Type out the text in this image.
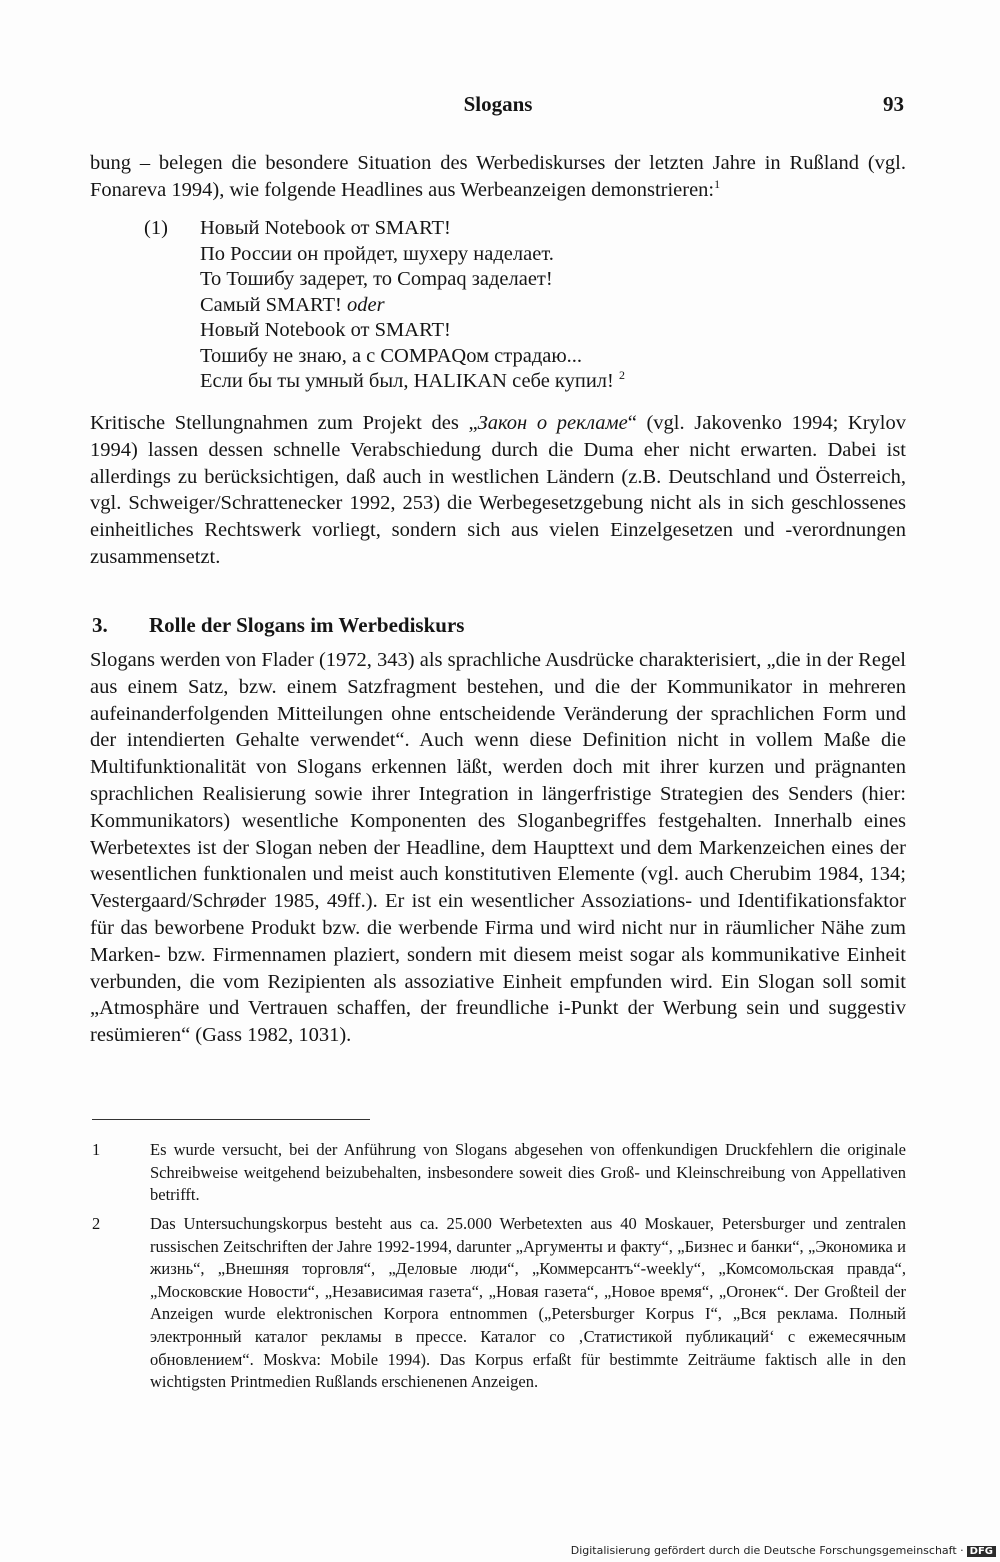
Slogans	93

bung – belegen die besondere Situation des Werbediskurses der letzten Jahre in Rußland (vgl. Fonareva 1994), wie folgende Headlines aus Werbeanzeigen demonstrieren:$^1$

(1) Новый Notebook от SMART!
По России он пройдет, шухеру наделает.
То Тошибу задерет, то Compaq заделает!
Самый SMART! oder
Новый Notebook от SMART!
Тошибу не знаю, а с COMPAQом страдаю...
Если бы ты умный был, HALIKAN себе купил! $^2$

Kritische Stellungnahmen zum Projekt des „Закон о рекламе“ (vgl. Jakovenko 1994; Krylov 1994) lassen dessen schnelle Verabschiedung durch die Duma eher nicht erwarten. Dabei ist allerdings zu berücksichtigen, daß auch in westlichen Ländern (z.B. Deutschland und Österreich, vgl. Schweiger/Schrattenecker 1992, 253) die Werbegesetzgebung nicht als in sich geschlossenes einheitliches Rechtswerk vorliegt, sondern sich aus vielen Einzelgesetzen und -verordnungen zusammensetzt.

3. Rolle der Slogans im Werbediskurs

Slogans werden von Flader (1972, 343) als sprachliche Ausdrücke charakterisiert, „die in der Regel aus einem Satz, bzw. einem Satzfragment bestehen, und die der Kommunikator in mehreren aufeinanderfolgenden Mitteilungen ohne entscheidende Veränderung der sprachlichen Form und der intendierten Gehalte verwendet“. Auch wenn diese Definition nicht in vollem Maße die Multifunktionalität von Slogans erkennen läßt, werden doch mit ihrer kurzen und prägnanten sprachlichen Realisierung sowie ihrer Integration in längerfristige Strategien des Senders (hier: Kommunikators) wesentliche Komponenten des Sloganbegriffes festgehalten. Innerhalb eines Werbetextes ist der Slogan neben der Headline, dem Haupttext und dem Markenzeichen eines der wesentlichen funktionalen und meist auch konstitutiven Elemente (vgl. auch Cherubim 1984, 134; Vestergaard/Schrøder 1985, 49ff.). Er ist ein wesentlicher Assoziations- und Identifikationsfaktor für das beworbene Produkt bzw. die werbende Firma und wird nicht nur in räumlicher Nähe zum Marken- bzw. Firmennamen plaziert, sondern mit diesem meist sogar als kommunikative Einheit verbunden, die vom Rezipienten als assoziative Einheit empfunden wird. Ein Slogan soll somit „Atmosphäre und Vertrauen schaffen, der freundliche i-Punkt der Werbung sein und suggestiv resümieren“ (Gass 1982, 1031).

1	Es wurde versucht, bei der Anführung von Slogans abgesehen von offenkundigen Druckfehlern die originale Schreibweise weitgehend beizubehalten, insbesondere soweit dies Groß- und Kleinschreibung von Appellativen betrifft.
2	Das Untersuchungskorpus besteht aus ca. 25.000 Werbetexten aus 40 Moskauer, Petersburger und zentralen russischen Zeitschriften der Jahre 1992-1994, darunter „Аргументы и факту“, „Бизнес и банки“, „Экономика и жизнь“, „Внешняя торговля“, „Деловые люди“, „Коммерсантъ“-weekly“, „Комсомольская правда“, „Московские Новости“, „Независимая газета“, „Новая газета“, „Новое время“, „Огонек“. Der Großteil der Anzeigen wurde elektronischen Korpora entnommen („Petersburger Korpus I“, „Вся реклама. Полный электронный каталог рекламы в прессе. Каталог со ‚Статистикой публикаций‘ с ежемесячным обновлением“. Moskva: Mobile 1994). Das Korpus erfaßt für bestimmte Zeiträume faktisch alle in den wichtigsten Printmedien Rußlands erschienenen Anzeigen.
Digitalisierung gefördert durch die Deutsche Forschungsgemeinschaft · DFG
